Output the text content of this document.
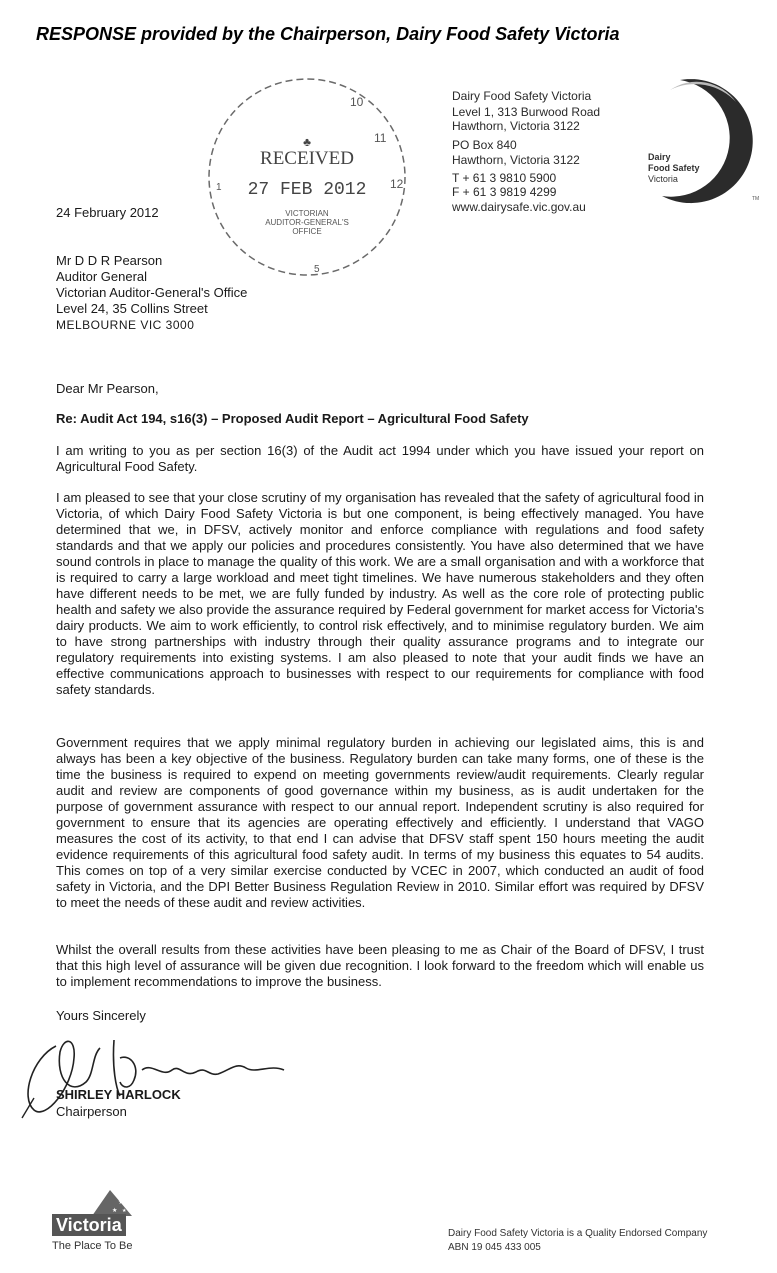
RESPONSE provided by the Chairperson, Dairy Food Safety Victoria
♣
RECEIVED
27 FEB 2012
VICTORIAN
AUDITOR-GENERAL'S
OFFICE
10
11
12
1
5
Dairy Food Safety Victoria
Level 1, 313 Burwood Road
Hawthorn, Victoria 3122
PO Box 840
Hawthorn, Victoria 3122
T + 61 3 9810 5900
F + 61 3 9819 4299
www.dairysafe.vic.gov.au
TM
Dairy
Food Safety
Victoria
24 February 2012
Mr D D R Pearson
Auditor General
Victorian Auditor-General's Office
Level 24, 35 Collins Street
MELBOURNE VIC 3000
Dear Mr Pearson,
Re: Audit Act 194, s16(3) – Proposed Audit Report – Agricultural Food Safety
I am writing to you as per section 16(3) of the Audit act 1994 under which you have issued your report on Agricultural Food Safety.
I am pleased to see that your close scrutiny of my organisation has revealed that the safety of agricultural food in Victoria, of which Dairy Food Safety Victoria is but one component, is being effectively managed. You have determined that we, in DFSV, actively monitor and enforce compliance with regulations and food safety standards and that we apply our policies and procedures consistently. You have also determined that we have sound controls in place to manage the quality of this work. We are a small organisation and with a workforce that is required to carry a large workload and meet tight timelines. We have numerous stakeholders and they often have different needs to be met, we are fully funded by industry. As well as the core role of protecting public health and safety we also provide the assurance required by Federal government for market access for Victoria's dairy products. We aim to work efficiently, to control risk effectively, and to minimise regulatory burden. We aim to have strong partnerships with industry through their quality assurance programs and to integrate our regulatory requirements into existing systems. I am also pleased to note that your audit finds we have an effective communications approach to businesses with respect to our requirements for compliance with food safety standards.
Government requires that we apply minimal regulatory burden in achieving our legislated aims, this is and always has been a key objective of the business. Regulatory burden can take many forms, one of these is the time the business is required to expend on meeting governments review/audit requirements. Clearly regular audit and review are components of good governance within my business, as is audit undertaken for the purpose of government assurance with respect to our annual report. Independent scrutiny is also required for government to ensure that its agencies are operating effectively and efficiently. I understand that VAGO measures the cost of its activity, to that end I can advise that DFSV staff spent 150 hours meeting the audit evidence requirements of this agricultural food safety audit. In terms of my business this equates to 54 audits. This comes on top of a very similar exercise conducted by VCEC in 2007, which conducted an audit of food safety in Victoria, and the DPI Better Business Regulation Review in 2010. Similar effort was required by DFSV to meet the needs of these audit and review activities.
Whilst the overall results from these activities have been pleasing to me as Chair of the Board of DFSV, I trust that this high level of assurance will be given due recognition. I look forward to the freedom which will enable us to implement recommendations to improve the business.
Yours Sincerely
SHIRLEY HARLOCK
Chairperson
★
★ ★
Victoria
The Place To Be
Dairy Food Safety Victoria is a Quality Endorsed Company
ABN 19 045 433 005
